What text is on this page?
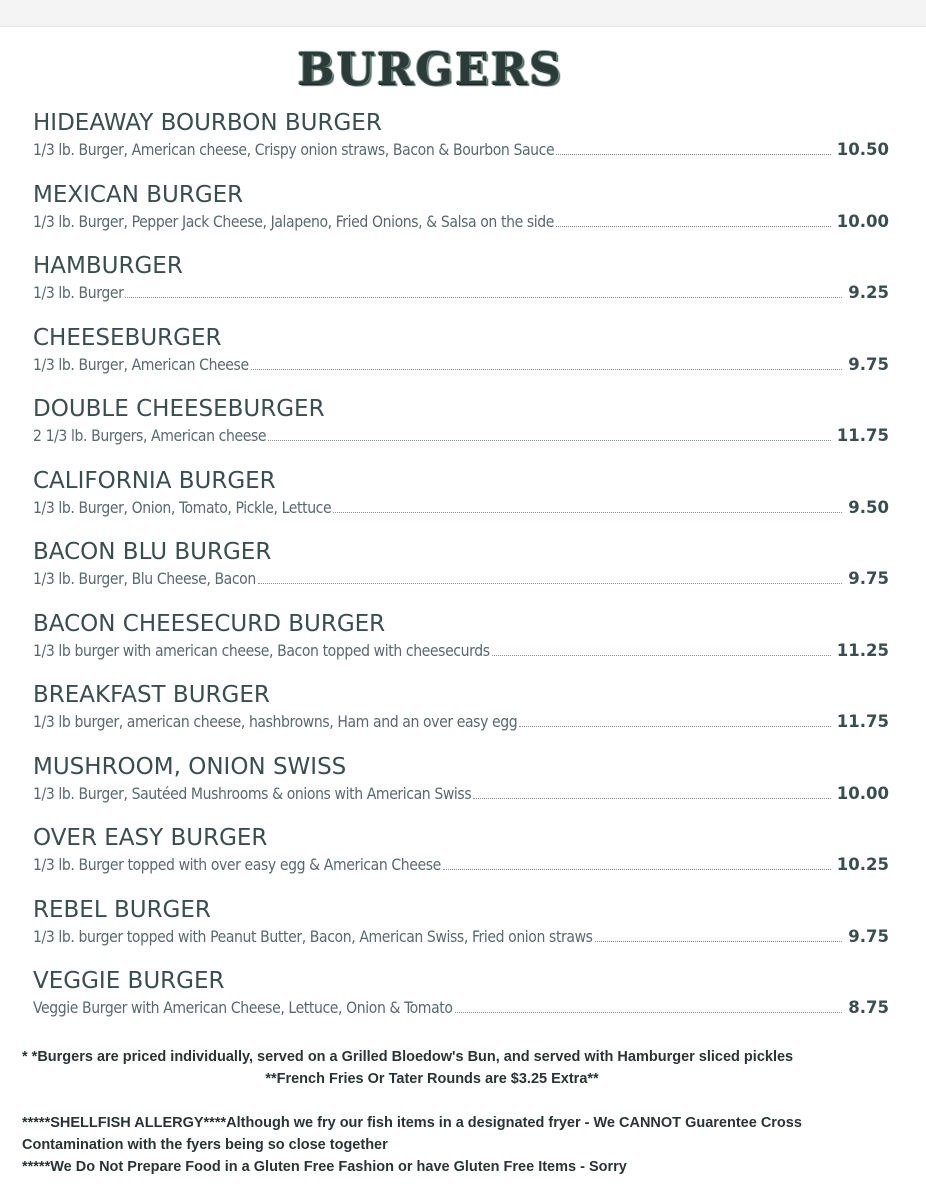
BURGERS
HIDEAWAY BOURBON BURGER
1/3 lb. Burger, American cheese, Crispy onion straws, Bacon & Bourbon Sauce	10.50
MEXICAN BURGER
1/3 lb. Burger, Pepper Jack Cheese, Jalapeno, Fried Onions, & Salsa on the side	10.00
HAMBURGER
1/3 lb. Burger	9.25
CHEESEBURGER
1/3 lb. Burger, American Cheese	9.75
DOUBLE CHEESEBURGER
2 1/3 lb. Burgers, American cheese	11.75
CALIFORNIA BURGER
1/3 lb. Burger, Onion, Tomato, Pickle, Lettuce	9.50
BACON BLU BURGER
1/3 lb. Burger, Blu Cheese, Bacon	9.75
BACON CHEESECURD BURGER
1/3 lb burger with american cheese, Bacon topped with cheesecurds	11.25
BREAKFAST BURGER
1/3 lb burger, american cheese, hashbrowns, Ham and an over easy egg	11.75
MUSHROOM, ONION SWISS
1/3 lb. Burger, Sautéed Mushrooms & onions with American Swiss	10.00
OVER EASY BURGER
1/3 lb. Burger topped with over easy egg & American Cheese	10.25
REBEL BURGER
1/3 lb. burger topped with Peanut Butter, Bacon, American Swiss, Fried onion straws	9.75
VEGGIE BURGER
Veggie Burger with American Cheese, Lettuce, Onion & Tomato	8.75
* *Burgers are priced individually, served on a Grilled Bloedow's Bun, and served with Hamburger sliced pickles
**French Fries Or Tater Rounds are $3.25 Extra**
*****SHELLFISH ALLERGY****Although we fry our fish items in a designated fryer - We CANNOT Guarentee Cross Contamination with the fyers being so close together
*****We Do Not Prepare Food in a Gluten Free Fashion or have Gluten Free Items - Sorry
